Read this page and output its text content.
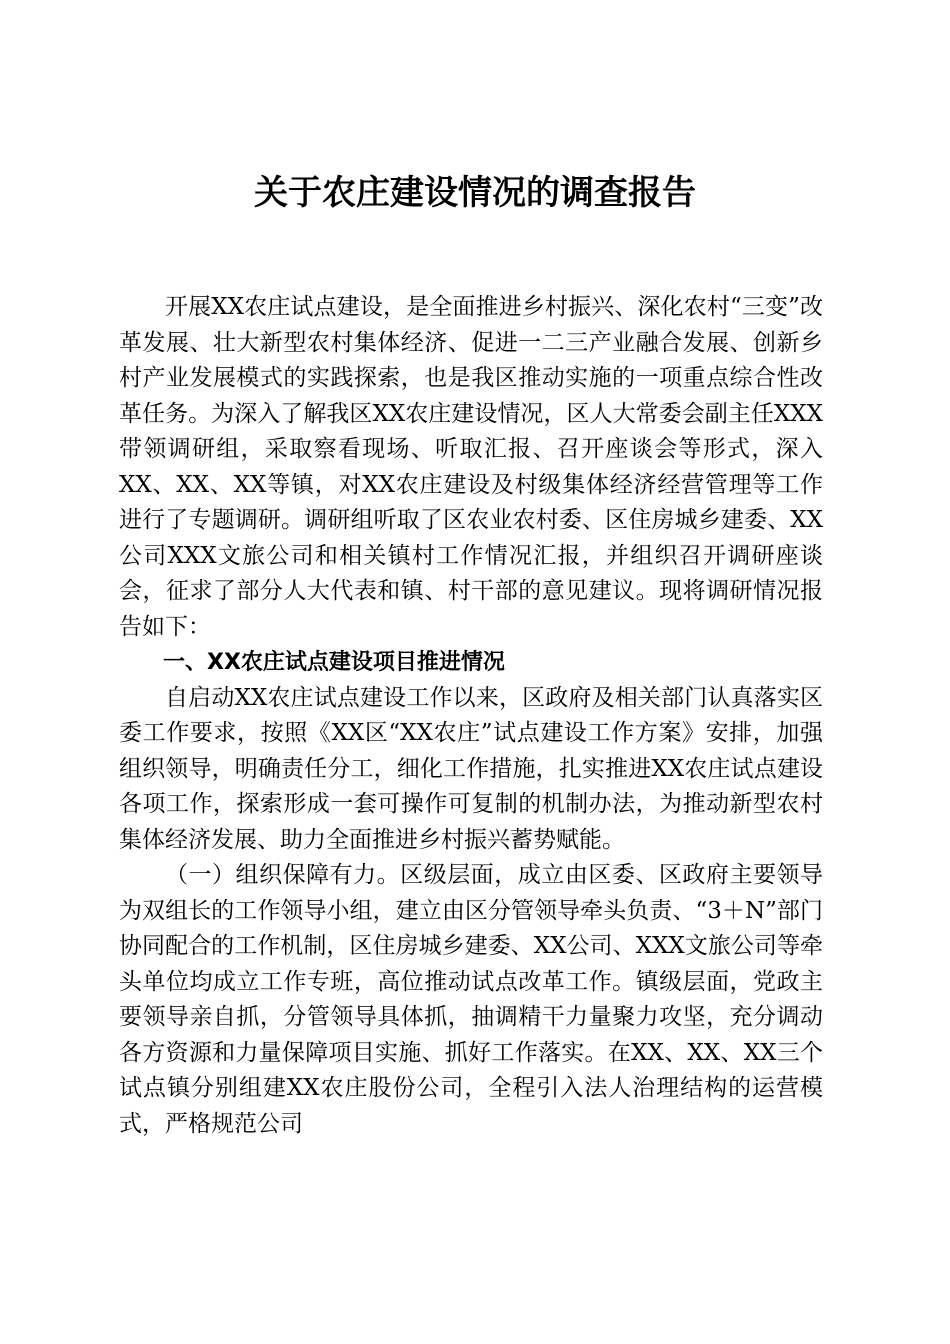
关于农庄建设情况的调查报告

开展XX农庄试点建设，是全面推进乡村振兴、深化农村“三变”改革发展、壮大新型农村集体经济、促进一二三产业融合发展、创新乡村产业发展模式的实践探索，也是我区推动实施的一项重点综合性改革任务。为深入了解我区XX农庄建设情况，区人大常委会副主任XXX带领调研组，采取察看现场、听取汇报、召开座谈会等形式，深入XX、XX、XX等镇，对XX农庄建设及村级集体经济经营管理等工作进行了专题调研。调研组听取了区农业农村委、区住房城乡建委、XX公司XXX文旅公司和相关镇村工作情况汇报，并组织召开调研座谈会，征求了部分人大代表和镇、村干部的意见建议。现将调研情况报告如下：

一、XX农庄试点建设项目推进情况

自启动XX农庄试点建设工作以来，区政府及相关部门认真落实区委工作要求，按照《XX区“XX农庄”试点建设工作方案》安排，加强组织领导，明确责任分工，细化工作措施，扎实推进XX农庄试点建设各项工作，探索形成一套可操作可复制的机制办法，为推动新型农村集体经济发展、助力全面推进乡村振兴蓄势赋能。

（一）组织保障有力。区级层面，成立由区委、区政府主要领导为双组长的工作领导小组，建立由区分管领导牵头负责、“3＋N”部门协同配合的工作机制，区住房城乡建委、XX公司、XXX文旅公司等牵头单位均成立工作专班，高位推动试点改革工作。镇级层面，党政主要领导亲自抓，分管领导具体抓，抽调精干力量聚力攻坚，充分调动各方资源和力量保障项目实施、抓好工作落实。在XX、XX、XX三个试点镇分别组建XX农庄股份公司，全程引入法人治理结构的运营模式，严格规范公司
